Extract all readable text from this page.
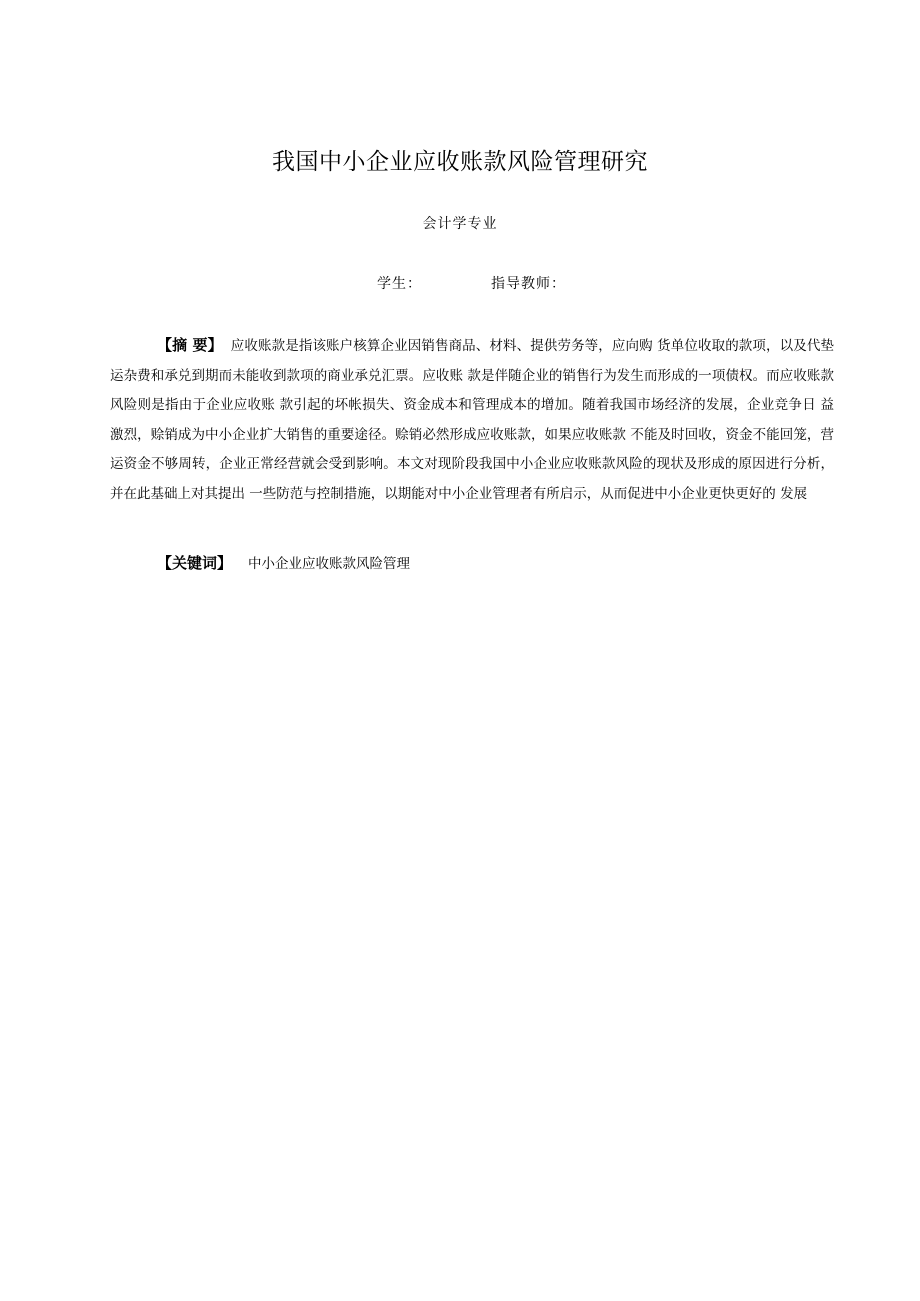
我国中小企业应收账款风险管理研究
会计学专业
学生：	指导教师：

【摘 要】 应收账款是指该账户核算企业因销售商品、材料、提供劳务等，应向购 货单位收取的款项，以及代垫运杂费和承兑到期而未能收到款项的商业承兑汇票。应收账 款是伴随企业的销售行为发生而形成的一项债权。而应收账款风险则是指由于企业应收账 款引起的坏帐损失、资金成本和管理成本的增加。随着我国市场经济的发展，企业竞争日 益激烈，赊销成为中小企业扩大销售的重要途径。赊销必然形成应收账款，如果应收账款 不能及时回收，资金不能回笼，营运资金不够周转，企业正常经营就会受到影响。本文对现阶段我国中小企业应收账款风险的现状及形成的原因进行分析，并在此基础上对其提出 一些防范与控制措施，以期能对中小企业管理者有所启示，从而促进中小企业更快更好的 发展

【关键词】 中小企业应收账款风险管理
